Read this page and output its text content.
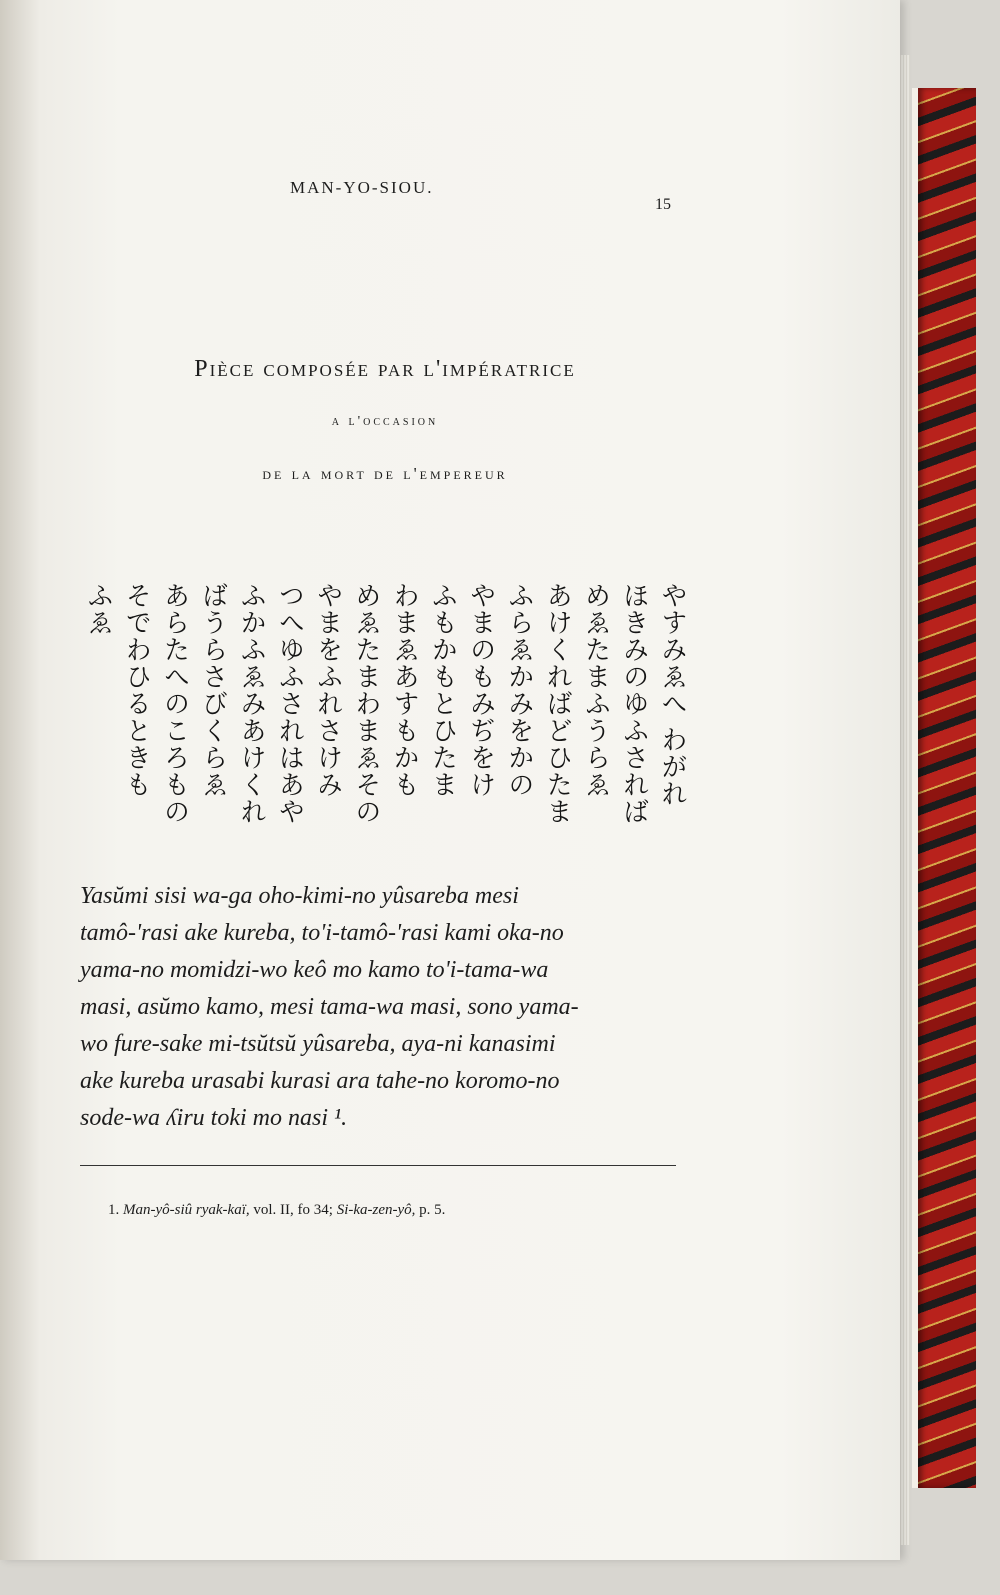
MAN-YO-SIOU.
15
Pièce composée par l'impératrice
a l'occasion
de la mort de l'empereur
やすみゑへ わがれ
ほきみのゆふされば
めゑたまふうらゑ
あけくればどひたま
ふらゑかみをかの
やまのもみぢをけ
ふもかもとひたま
わまゑあすもかも
めゑたまわまゑその
やまをふれさけみ
つへゆふされはあや
ふかふゑみあけくれ
ばうらさびくらゑ
あらたへのころもの
そでわひるときも
ふゑ
Yasŭmi sisi wa-ga oho-kimi-no yûsareba mesi
tamô-'rasi ake kureba, to'i-tamô-'rasi kami oka-no
yama-no momidzi-wo keô mo kamo to'i-tama-wa
masi, asŭmo kamo, mesi tama-wa masi, sono yama-
wo fure-sake mi-tsŭtsŭ yûsareba, aya-ni kanasimi
ake kureba urasabi kurasi ara tahe-no koromo-no
sode-wa ʎiru toki mo nasi ¹.
1. Man-yô-siû ryak-kaï, vol. II, fo 34; Si-ka-zen-yô, p. 5.
